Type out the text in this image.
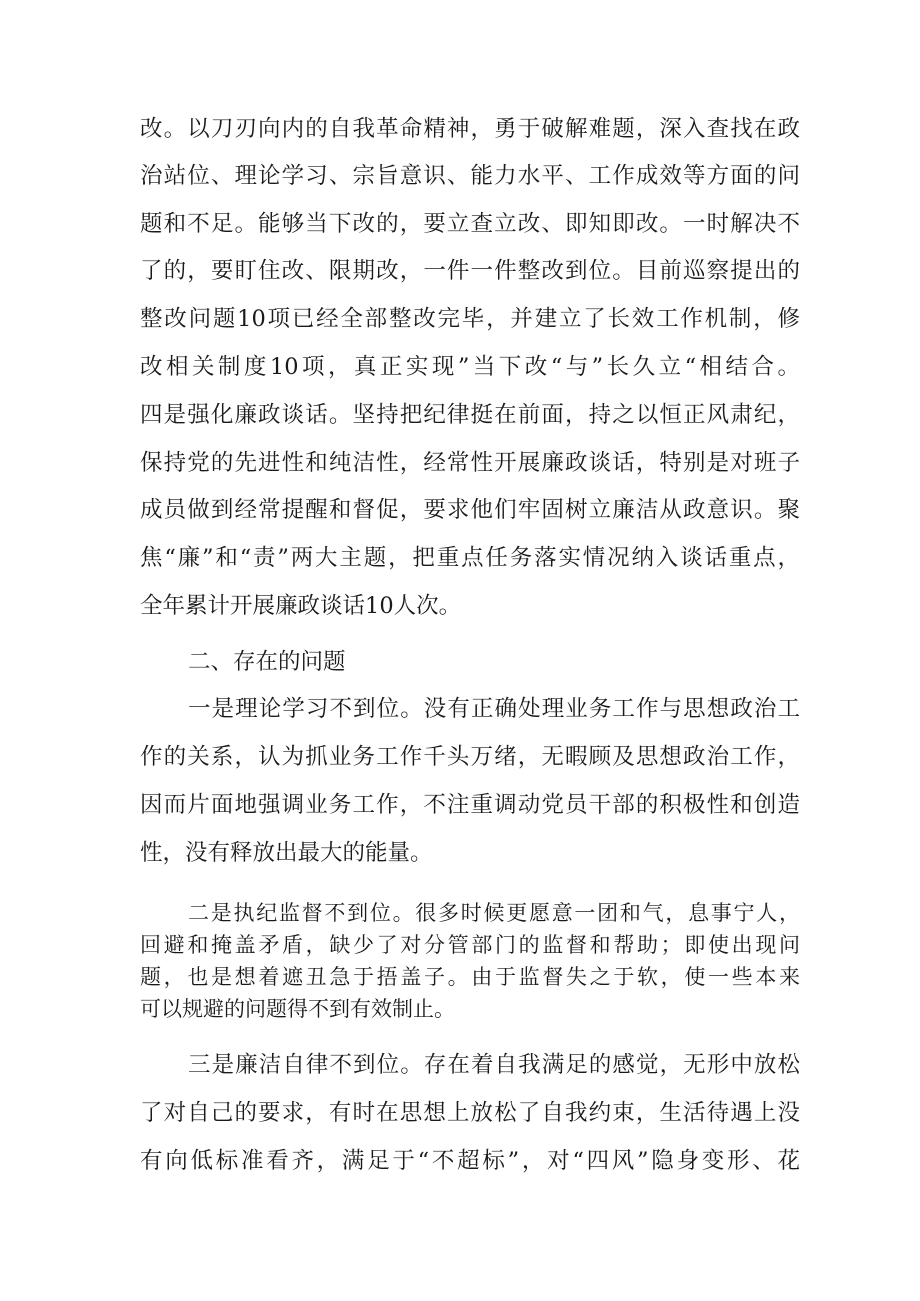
改。以刀刃向内的自我革命精神，勇于破解难题，深入查找在政
治站位、理论学习、宗旨意识、能力水平、工作成效等方面的问
题和不足。能够当下改的，要立查立改、即知即改。一时解决不
了的，要盯住改、限期改，一件一件整改到位。目前巡察提出的
整改问题10项已经全部整改完毕，并建立了长效工作机制，修
改相关制度10项，真正实现”当下改“与”长久立“相结合。
四是强化廉政谈话。坚持把纪律挺在前面，持之以恒正风肃纪，
保持党的先进性和纯洁性，经常性开展廉政谈话，特别是对班子
成员做到经常提醒和督促，要求他们牢固树立廉洁从政意识。聚
焦“廉”和“责”两大主题，把重点任务落实情况纳入谈话重点，
全年累计开展廉政谈话10人次。
二、存在的问题
一是理论学习不到位。没有正确处理业务工作与思想政治工
作的关系，认为抓业务工作千头万绪，无暇顾及思想政治工作，
因而片面地强调业务工作，不注重调动党员干部的积极性和创造
性，没有释放出最大的能量。
二是执纪监督不到位。很多时候更愿意一团和气，息事宁人，
回避和掩盖矛盾，缺少了对分管部门的监督和帮助；即使出现问
题，也是想着遮丑急于捂盖子。由于监督失之于软，使一些本来
可以规避的问题得不到有效制止。
三是廉洁自律不到位。存在着自我满足的感觉，无形中放松
了对自己的要求，有时在思想上放松了自我约束，生活待遇上没
有向低标准看齐，满足于“不超标”，对“四风”隐身变形、花
